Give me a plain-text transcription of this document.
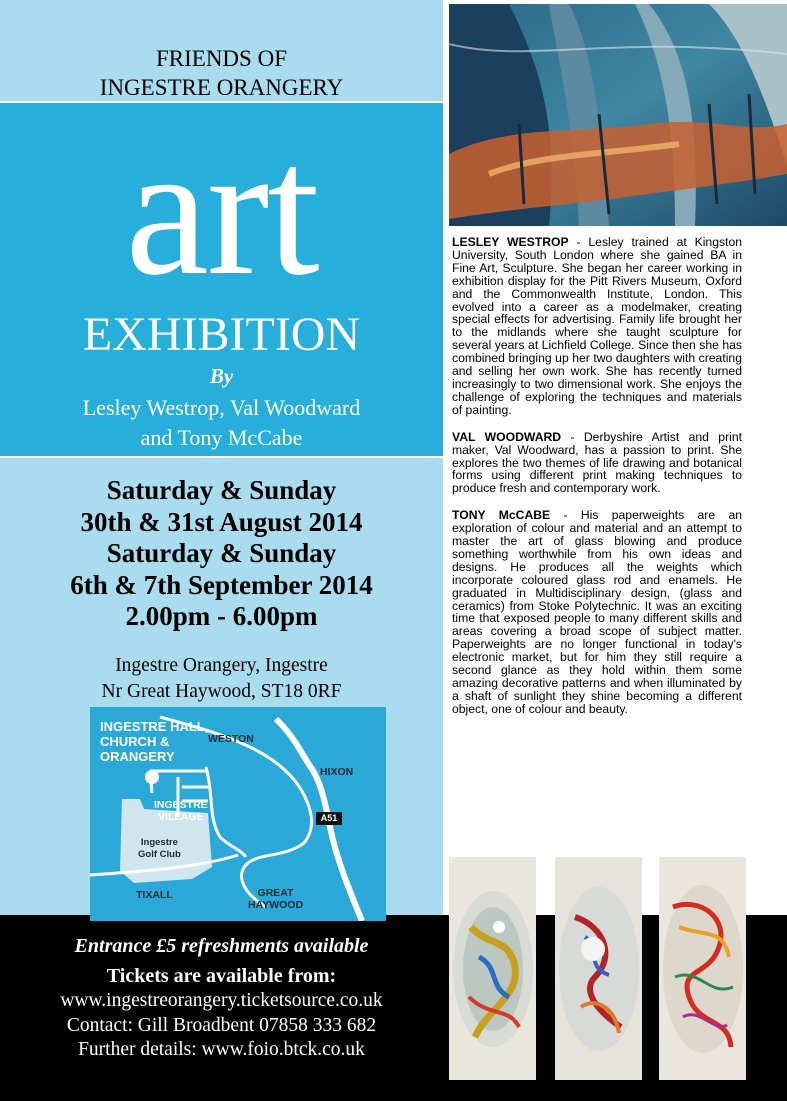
FRIENDS OF
INGESTRE ORANGERY
art
EXHIBITION
By
Lesley Westrop, Val Woodward
and Tony McCabe
Saturday & Sunday
30th & 31st August 2014
Saturday & Sunday
6th & 7th September 2014
2.00pm - 6.00pm
Ingestre Orangery, Ingestre
Nr Great Haywood, ST18 0RF
INGESTRE HALL,
CHURCH &
ORANGERY
WESTON
HIXON
INGESTRE
VILLAGE
Ingestre
Golf Club
TIXALL	GREAT
HAYWOOD
A51

LESLEY WESTROP - Lesley trained at Kingston University, South London where she gained BA in Fine Art, Sculpture. She began her career working in exhibition display for the Pitt Rivers Museum, Oxford and the Commonwealth Institute, London. This evolved into a career as a modelmaker, creating special effects for advertising. Family life brought her to the midlands where she taught sculpture for several years at Lichfield College. Since then she has combined bringing up her two daughters with creating and selling her own work. She has recently turned increasingly to two dimensional work. She enjoys the challenge of exploring the techniques and materials of painting.

VAL WOODWARD - Derbyshire Artist and print maker, Val Woodward, has a passion to print. She explores the two themes of life drawing and botanical forms using different print making techniques to produce fresh and contemporary work.

TONY McCABE - His paperweights are an exploration of colour and material and an attempt to master the art of glass blowing and produce something worthwhile from his own ideas and designs. He produces all the weights which incorporate coloured glass rod and enamels. He graduated in Multidisciplinary design, (glass and ceramics) from Stoke Polytechnic. It was an exciting time that exposed people to many different skills and areas covering a broad scope of subject matter. Paperweights are no longer functional in today's electronic market, but for him they still require a second glance as they hold within them some amazing decorative patterns and when illuminated by a shaft of sunlight they shine becoming a different object, one of colour and beauty.

Entrance £5 refreshments available
Tickets are available from:
www.ingestreorangery.ticketsource.co.uk
Contact: Gill Broadbent 07858 333 682
Further details: www.foio.btck.co.uk
